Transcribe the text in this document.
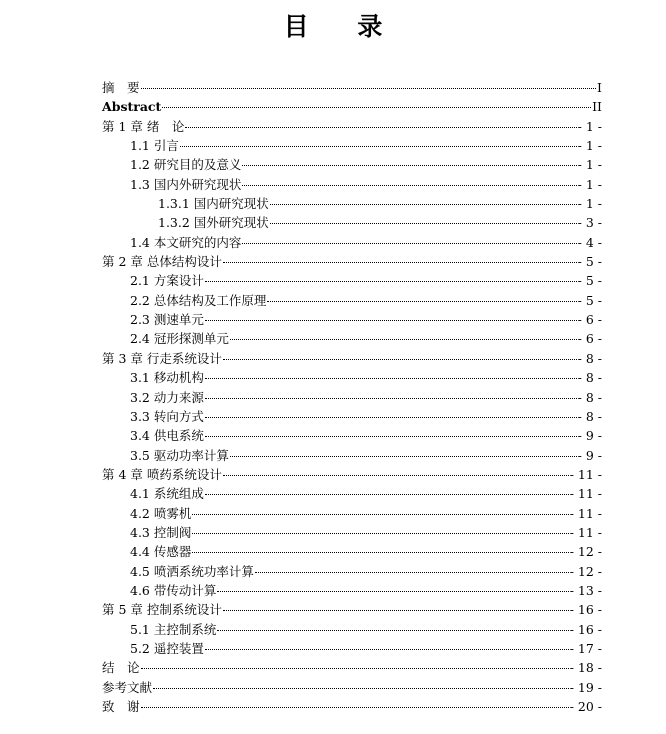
目 录
摘　要	I
Abstract	II
第 1 章 绪　论	- 1 -
1.1 引言	- 1 -
1.2 研究目的及意义	- 1 -
1.3 国内外研究现状	- 1 -
1.3.1 国内研究现状	- 1 -
1.3.2 国外研究现状	- 3 -
1.4 本文研究的内容	- 4 -
第 2 章 总体结构设计	- 5 -
2.1 方案设计	- 5 -
2.2 总体结构及工作原理	- 5 -
2.3 测速单元	- 6 -
2.4 冠形探测单元	- 6 -
第 3 章 行走系统设计	- 8 -
3.1 移动机构	- 8 -
3.2 动力来源	- 8 -
3.3 转向方式	- 8 -
3.4 供电系统	- 9 -
3.5 驱动功率计算	- 9 -
第 4 章 喷药系统设计	- 11 -
4.1 系统组成	- 11 -
4.2 喷雾机	- 11 -
4.3 控制阀	- 11 -
4.4 传感器	- 12 -
4.5 喷洒系统功率计算	- 12 -
4.6 带传动计算	- 13 -
第 5 章 控制系统设计	- 16 -
5.1 主控制系统	- 16 -
5.2 遥控装置	- 17 -
结　论	- 18 -
参考文献	- 19 -
致　谢	- 20 -
